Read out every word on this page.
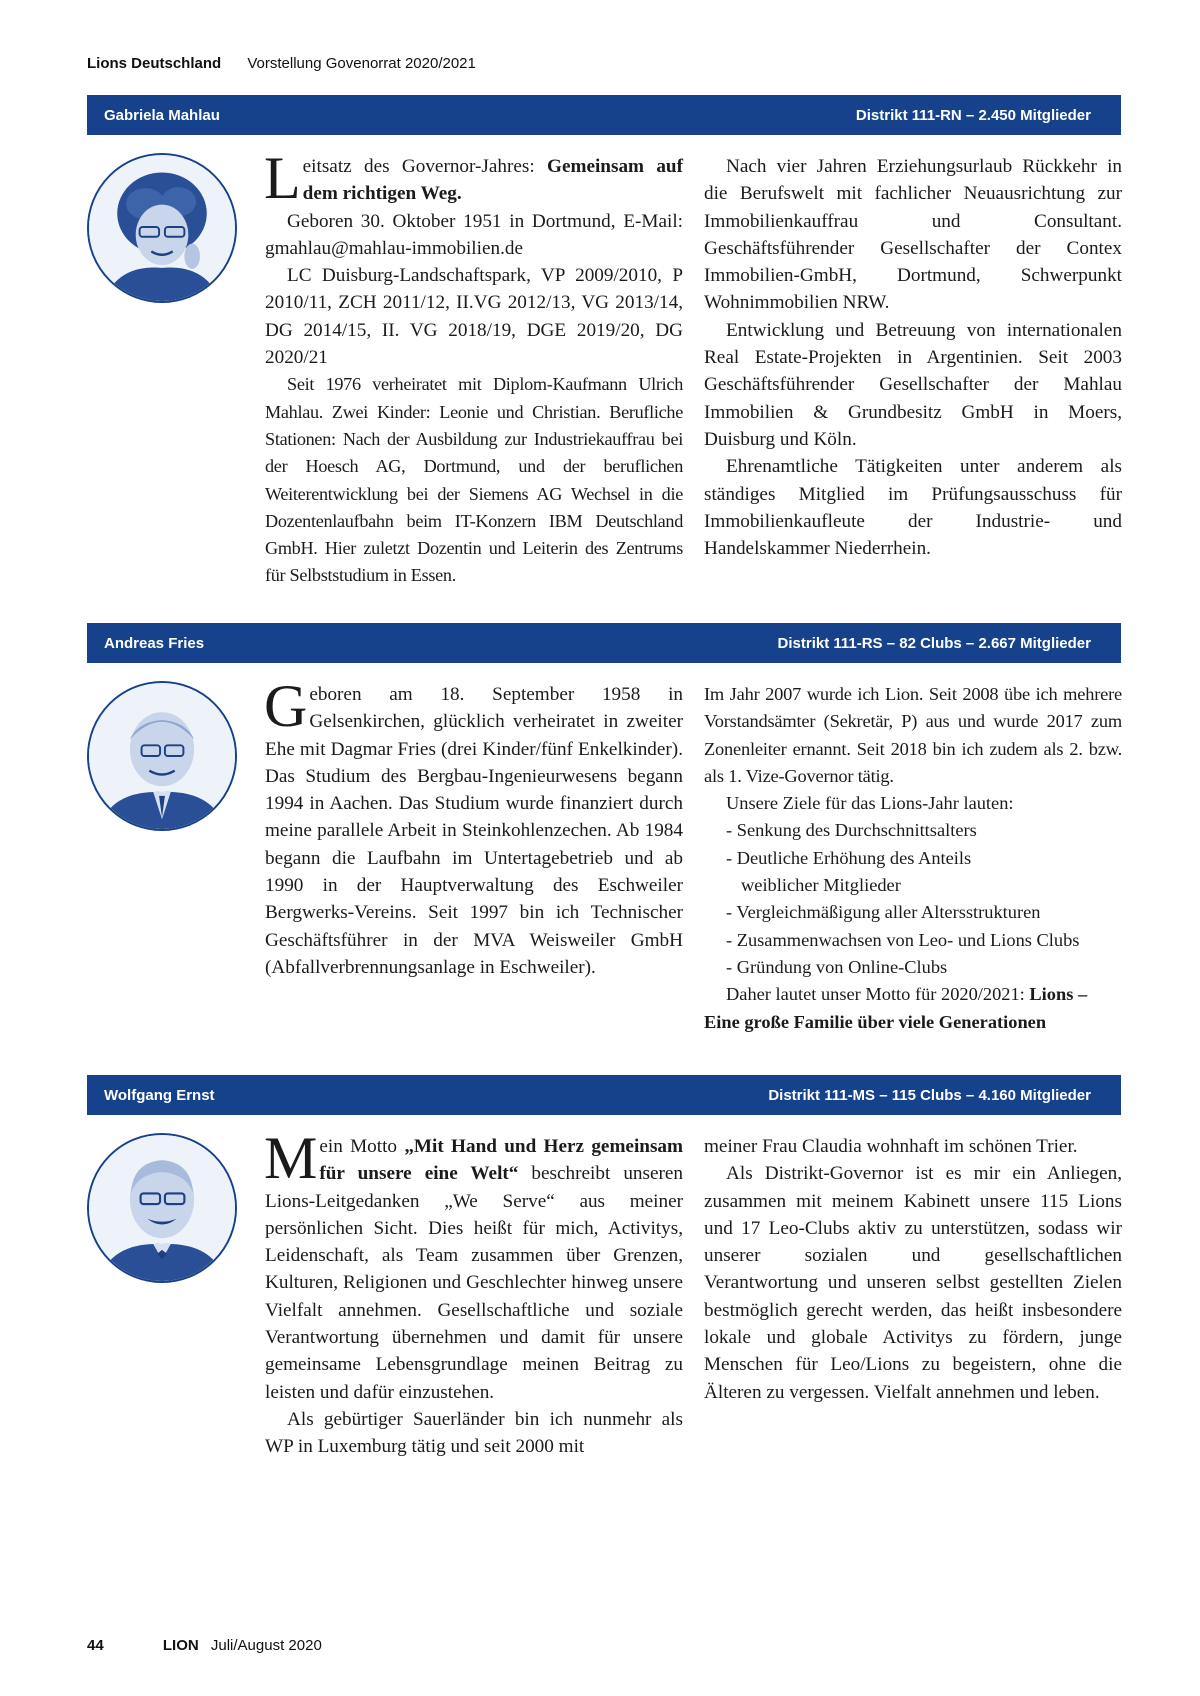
Lions Deutschland Vorstellung Govenorrat 2020/2021
Gabriela Mahlau	Distrikt 111-RN – 2.450 Mitglieder

Leitsatz des Governor-Jahres: Gemeinsam auf dem richtigen Weg.

Geboren 30. Oktober 1951 in Dortmund, E-Mail: gmahlau@mahlau-immobilien.de

LC Duisburg-Landschaftspark, VP 2009/2010, P 2010/11, ZCH 2011/12, II.VG 2012/13, VG 2013/14, DG 2014/15, II. VG 2018/19, DGE 2019/20, DG 2020/21

Seit 1976 verheiratet mit Diplom-Kaufmann Ulrich Mahlau. Zwei Kinder: Leonie und Christian. Berufliche Stationen: Nach der Ausbildung zur Industriekauffrau bei der Hoesch AG, Dortmund, und der beruflichen Weiterentwicklung bei der Siemens AG Wechsel in die Dozentenlaufbahn beim IT-Konzern IBM Deutschland GmbH. Hier zuletzt Dozentin und Leiterin des Zentrums für Selbststudium in Essen.

Nach vier Jahren Erziehungsurlaub Rückkehr in die Berufswelt mit fachlicher Neuausrichtung zur Immobilienkauffrau und Consultant. Geschäftsführender Gesellschafter der Contex Immobilien-GmbH, Dortmund, Schwerpunkt Wohnimmobilien NRW.

Entwicklung und Betreuung von internationalen Real Estate-Projekten in Argentinien. Seit 2003 Geschäftsführender Gesellschafter der Mahlau Immobilien & Grundbesitz GmbH in Moers, Duisburg und Köln.

Ehrenamtliche Tätigkeiten unter anderem als ständiges Mitglied im Prüfungsausschuss für Immobilienkaufleute der Industrie- und Handelskammer Niederrhein.

Andreas Fries	Distrikt 111-RS – 82 Clubs – 2.667 Mitglieder

Geboren am 18. September 1958 in Gelsenkirchen, glücklich verheiratet in zweiter Ehe mit Dagmar Fries (drei Kinder/fünf Enkelkinder). Das Studium des Bergbau-Ingenieurwesens begann 1994 in Aachen. Das Studium wurde finanziert durch meine parallele Arbeit in Steinkohlenzechen. Ab 1984 begann die Laufbahn im Untertagebetrieb und ab 1990 in der Hauptverwaltung des Eschweiler Bergwerks-Vereins. Seit 1997 bin ich Technischer Geschäftsführer in der MVA Weisweiler GmbH (Abfallverbrennungsanlage in Eschweiler).

Im Jahr 2007 wurde ich Lion. Seit 2008 übe ich mehrere Vorstandsämter (Sekretär, P) aus und wurde 2017 zum Zonenleiter ernannt. Seit 2018 bin ich zudem als 2. bzw. als 1. Vize-Governor tätig.

Unsere Ziele für das Lions-Jahr lauten:

- Senkung des Durchschnittsalters

- Deutliche Erhöhung des Anteils

weiblicher Mitglieder

- Vergleichmäßigung aller Altersstrukturen

- Zusammenwachsen von Leo- und Lions Clubs

- Gründung von Online-Clubs

Daher lautet unser Motto für 2020/2021: Lions – Eine große Familie über viele Generationen

Wolfgang Ernst	Distrikt 111-MS – 115 Clubs – 4.160 Mitglieder

Mein Motto „Mit Hand und Herz gemeinsam für unsere eine Welt“ beschreibt unseren Lions-Leitgedanken „We Serve“ aus meiner persönlichen Sicht. Dies heißt für mich, Activitys, Leidenschaft, als Team zusammen über Grenzen, Kulturen, Religionen und Geschlechter hinweg unsere Vielfalt annehmen. Gesellschaftliche und soziale Verantwortung übernehmen und damit für unsere gemeinsame Lebensgrundlage meinen Beitrag zu leisten und dafür einzustehen.

Als gebürtiger Sauerländer bin ich nunmehr als WP in Luxemburg tätig und seit 2000 mit

meiner Frau Claudia wohnhaft im schönen Trier.

Als Distrikt-Governor ist es mir ein Anliegen, zusammen mit meinem Kabinett unsere 115 Lions und 17 Leo-Clubs aktiv zu unterstützen, sodass wir unserer sozialen und gesellschaftlichen Verantwortung und unseren selbst gestellten Zielen bestmöglich gerecht werden, das heißt insbesondere lokale und globale Activitys zu fördern, junge Menschen für Leo/Lions zu begeistern, ohne die Älteren zu vergessen. Vielfalt annehmen und leben.

44	LION Juli/August 2020
